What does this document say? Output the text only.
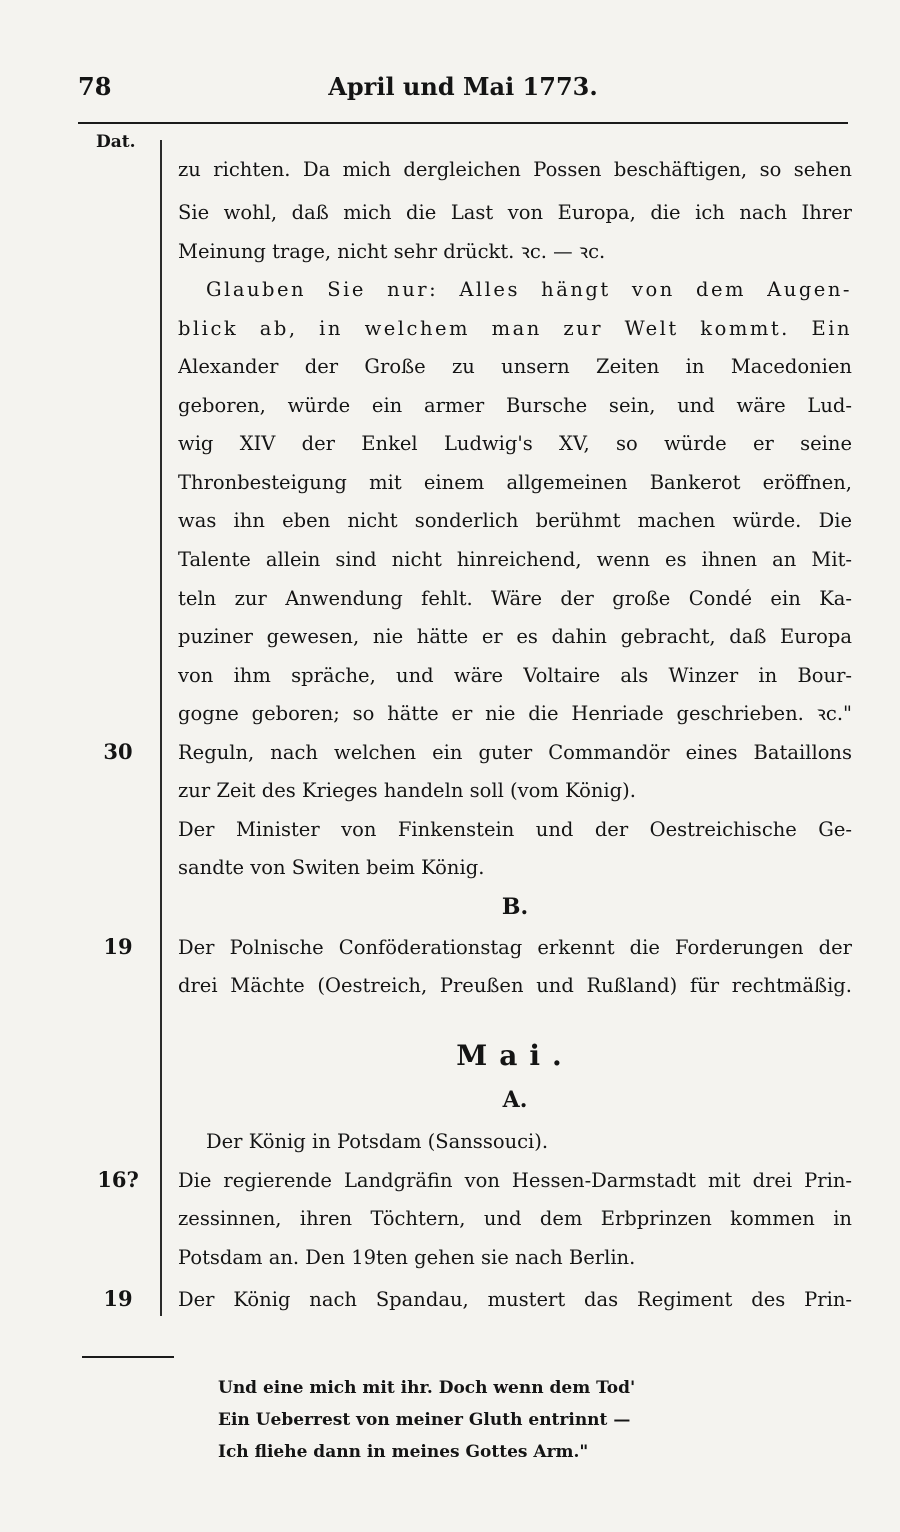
78	April und Mai 1773.
Dat.
zu richten. Da mich dergleichen Possen beschäftigen, so sehen
Sie wohl, daß mich die Last von Europa, die ich nach Ihrer
Meinung trage, nicht sehr drückt. ꝛc. — ꝛc.
Glauben Sie nur: Alles hängt von dem Augen-
blick ab, in welchem man zur Welt kommt. Ein
Alexander der Große zu unsern Zeiten in Macedonien
geboren, würde ein armer Bursche sein, und wäre Lud-
wig XIV der Enkel Ludwig's XV, so würde er seine
Thronbesteigung mit einem allgemeinen Bankerot eröffnen,
was ihn eben nicht sonderlich berühmt machen würde. Die
Talente allein sind nicht hinreichend, wenn es ihnen an Mit-
teln zur Anwendung fehlt. Wäre der große Condé ein Ka-
puziner gewesen, nie hätte er es dahin gebracht, daß Europa
von ihm spräche, und wäre Voltaire als Winzer in Bour-
gogne geboren; so hätte er nie die Henriade geschrieben. ꝛc."
30	Reguln, nach welchen ein guter Commandör eines Bataillons
zur Zeit des Krieges handeln soll (vom König).
Der Minister von Finkenstein und der Oestreichische Ge-
sandte von Switen beim König.
B.
19	Der Polnische Conföderationstag erkennt die Forderungen der
drei Mächte (Oestreich, Preußen und Rußland) für rechtmäßig.
Mai.
A.
Der König in Potsdam (Sanssouci).
16? Die regierende Landgräfin von Hessen-Darmstadt mit drei Prin-
zessinnen, ihren Töchtern, und dem Erbprinzen kommen in
Potsdam an. Den 19ten gehen sie nach Berlin.
19	Der König nach Spandau, mustert das Regiment des Prin-
Und eine mich mit ihr. Doch wenn dem Tod'
Ein Ueberrest von meiner Gluth entrinnt —
Ich fliehe dann in meines Gottes Arm."
